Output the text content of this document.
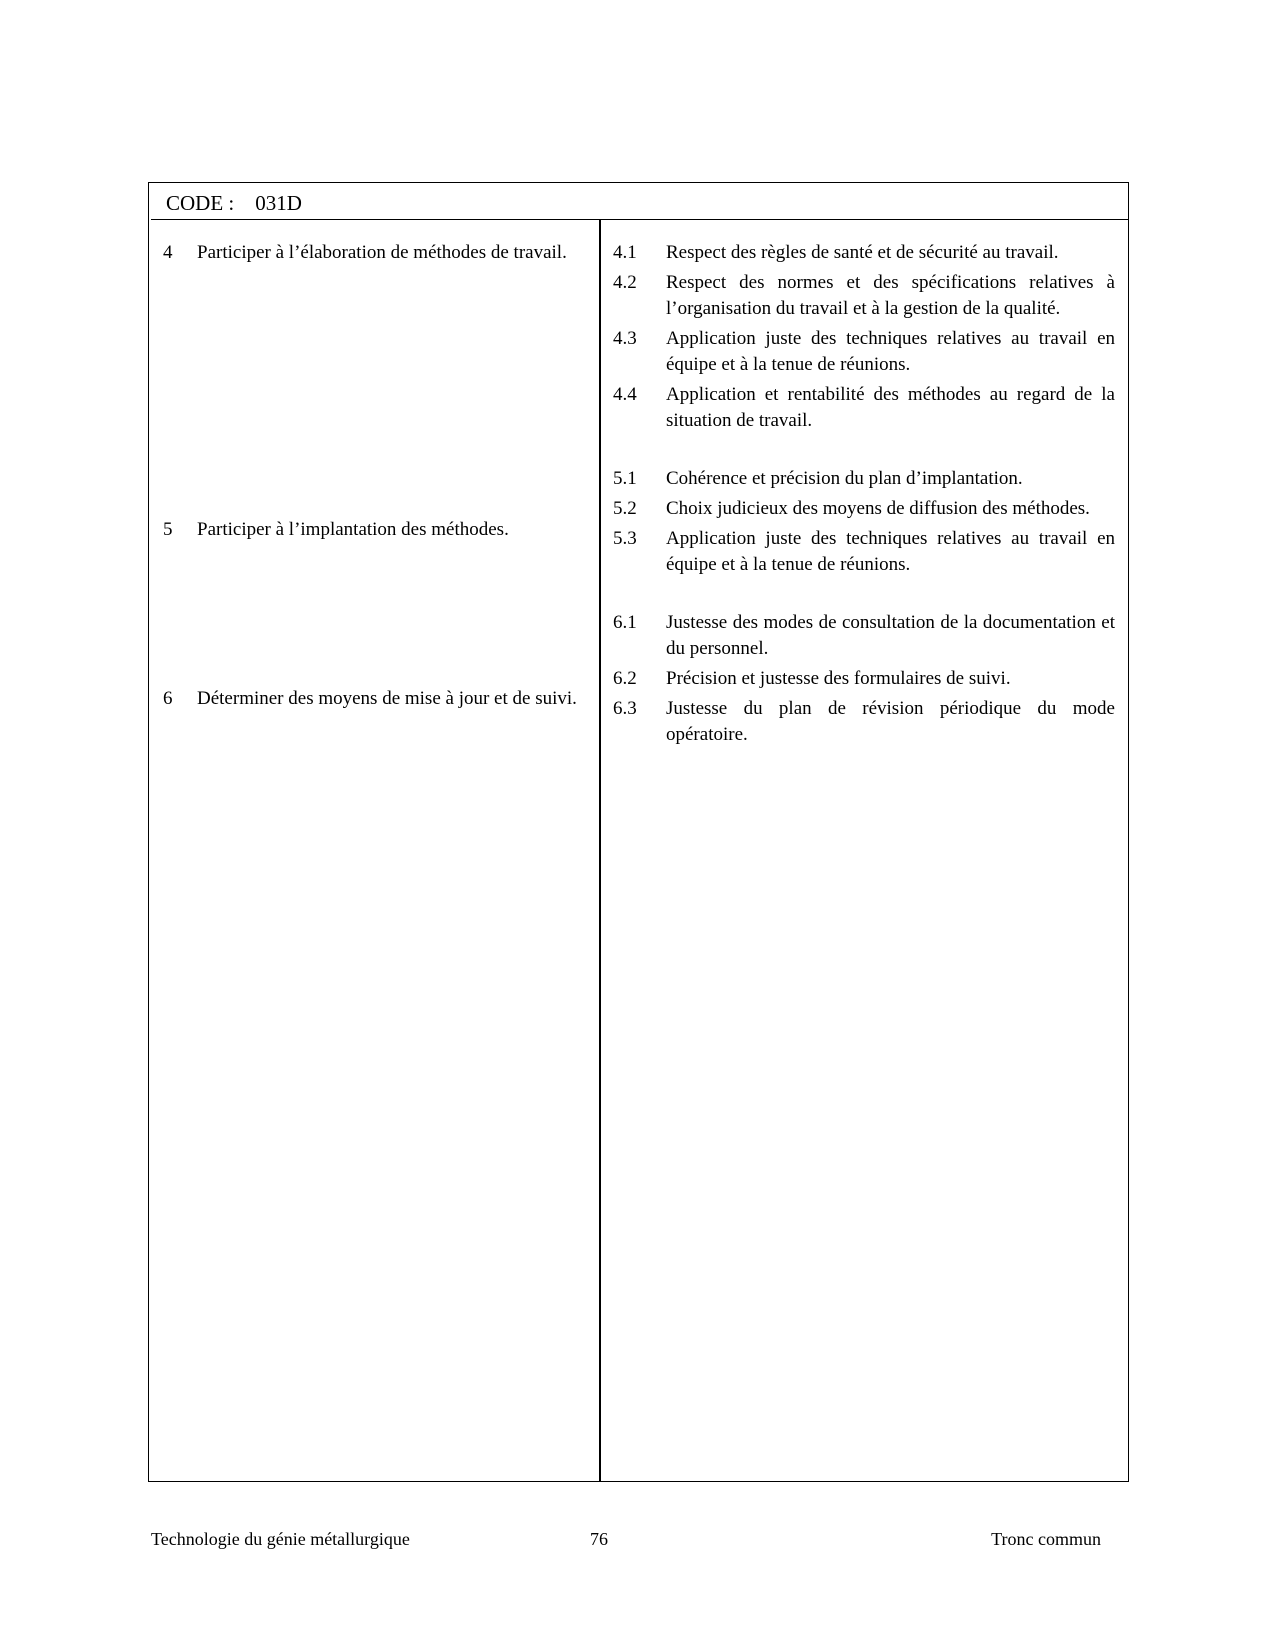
CODE : 031D
4 Participer à l’élaboration de méthodes de travail.
5 Participer à l’implantation des méthodes.
6 Déterminer des moyens de mise à jour et de suivi.
4.1 Respect des règles de santé et de sécurité au travail.
4.2 Respect des normes et des spécifications relatives à l’organisation du travail et à la gestion de la qualité.
4.3 Application juste des techniques relatives au travail en équipe et à la tenue de réunions.
4.4 Application et rentabilité des méthodes au regard de la situation de travail.
5.1 Cohérence et précision du plan d’implantation.
5.2 Choix judicieux des moyens de diffusion des méthodes.
5.3 Application juste des techniques relatives au travail en équipe et à la tenue de réunions.
6.1 Justesse des modes de consultation de la documentation et du personnel.
6.2 Précision et justesse des formulaires de suivi.
6.3 Justesse du plan de révision périodique du mode opératoire.
Technologie du génie métallurgique	76	Tronc commun
